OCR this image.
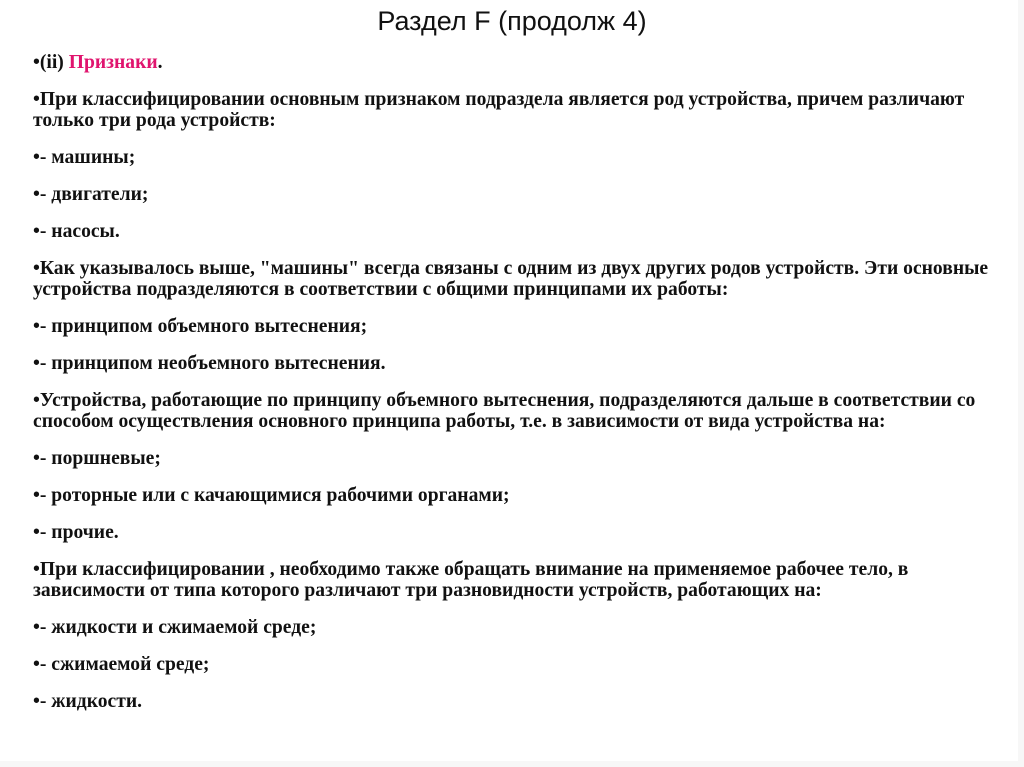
Раздел F (продолж 4)

•(ii) Признаки.

•При классифицировании основным признаком подраздела является род устройства, причем различают только три рода устройств:

•- машины;

•- двигатели;

•- насосы.

•Как указывалось выше, "машины" всегда связаны с одним из двух других родов устройств. Эти основные устройства подразделяются в соответствии с общими принципами их работы:

•- принципом объемного вытеснения;

•- принципом необъемного вытеснения.

•Устройства, работающие по принципу объемного вытеснения, подразделяются дальше в соответствии со способом осуществления основного принципа работы, т.е. в зависимости от вида устройства на:

•- поршневые;

•- роторные или с качающимися рабочими органами;

•- прочие.

•При классифицировании , необходимо также обращать внимание на применяемое рабочее тело, в зависимости от типа которого различают три разновидности устройств, работающих на:

•- жидкости и сжимаемой среде;

•- сжимаемой среде;

•- жидкости.
